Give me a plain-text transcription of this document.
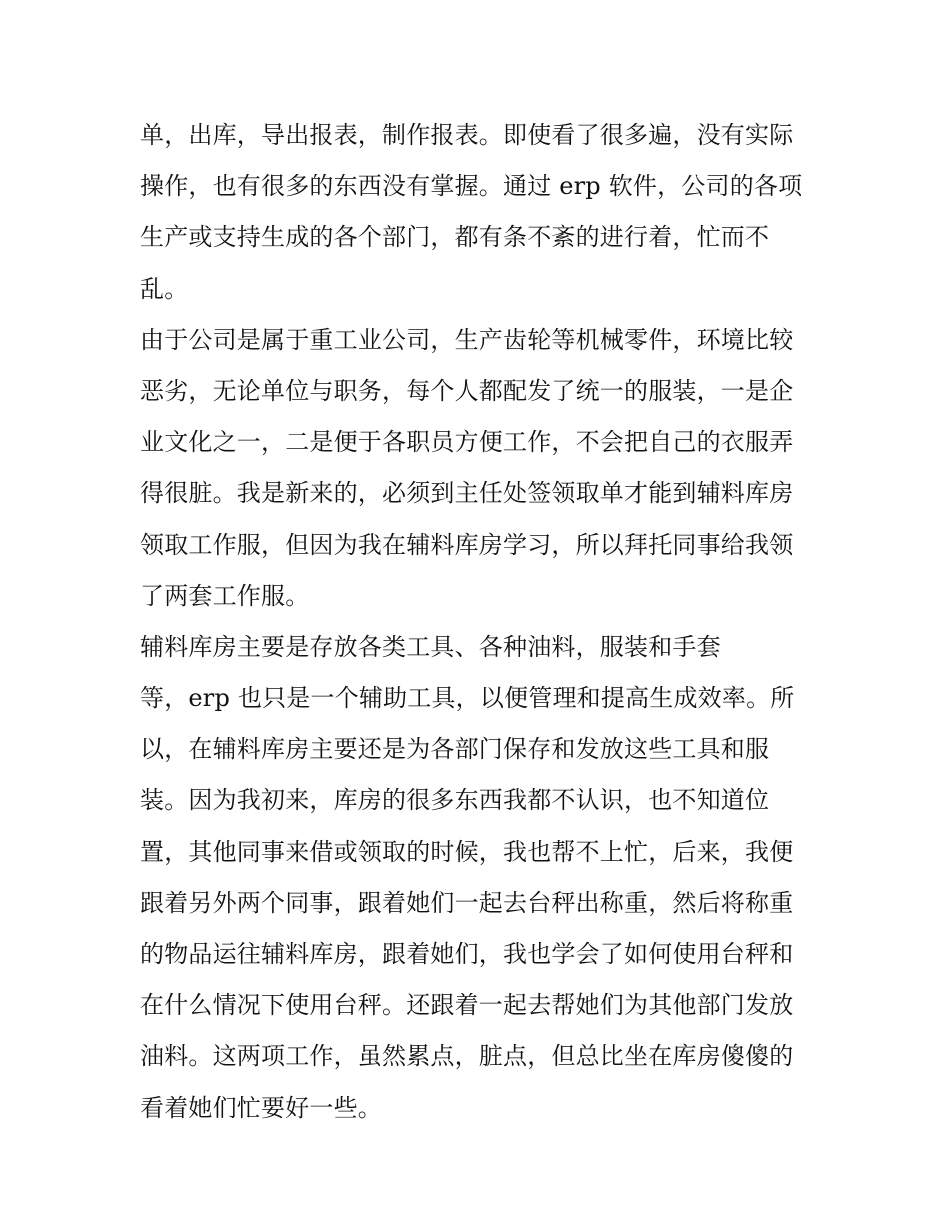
单，出库，导出报表，制作报表。即使看了很多遍，没有实际
操作，也有很多的东西没有掌握。通过 erp 软件，公司的各项
生产或支持生成的各个部门，都有条不紊的进行着，忙而不
乱。
由于公司是属于重工业公司，生产齿轮等机械零件，环境比较
恶劣，无论单位与职务，每个人都配发了统一的服装，一是企
业文化之一，二是便于各职员方便工作，不会把自己的衣服弄
得很脏。我是新来的，必须到主任处签领取单才能到辅料库房
领取工作服，但因为我在辅料库房学习，所以拜托同事给我领
了两套工作服。
辅料库房主要是存放各类工具、各种油料，服装和手套
等，erp 也只是一个辅助工具，以便管理和提高生成效率。所
以，在辅料库房主要还是为各部门保存和发放这些工具和服
装。因为我初来，库房的很多东西我都不认识，也不知道位
置，其他同事来借或领取的时候，我也帮不上忙，后来，我便
跟着另外两个同事，跟着她们一起去台秤出称重，然后将称重
的物品运往辅料库房，跟着她们，我也学会了如何使用台秤和
在什么情况下使用台秤。还跟着一起去帮她们为其他部门发放
油料。这两项工作，虽然累点，脏点，但总比坐在库房傻傻的
看着她们忙要好一些。
